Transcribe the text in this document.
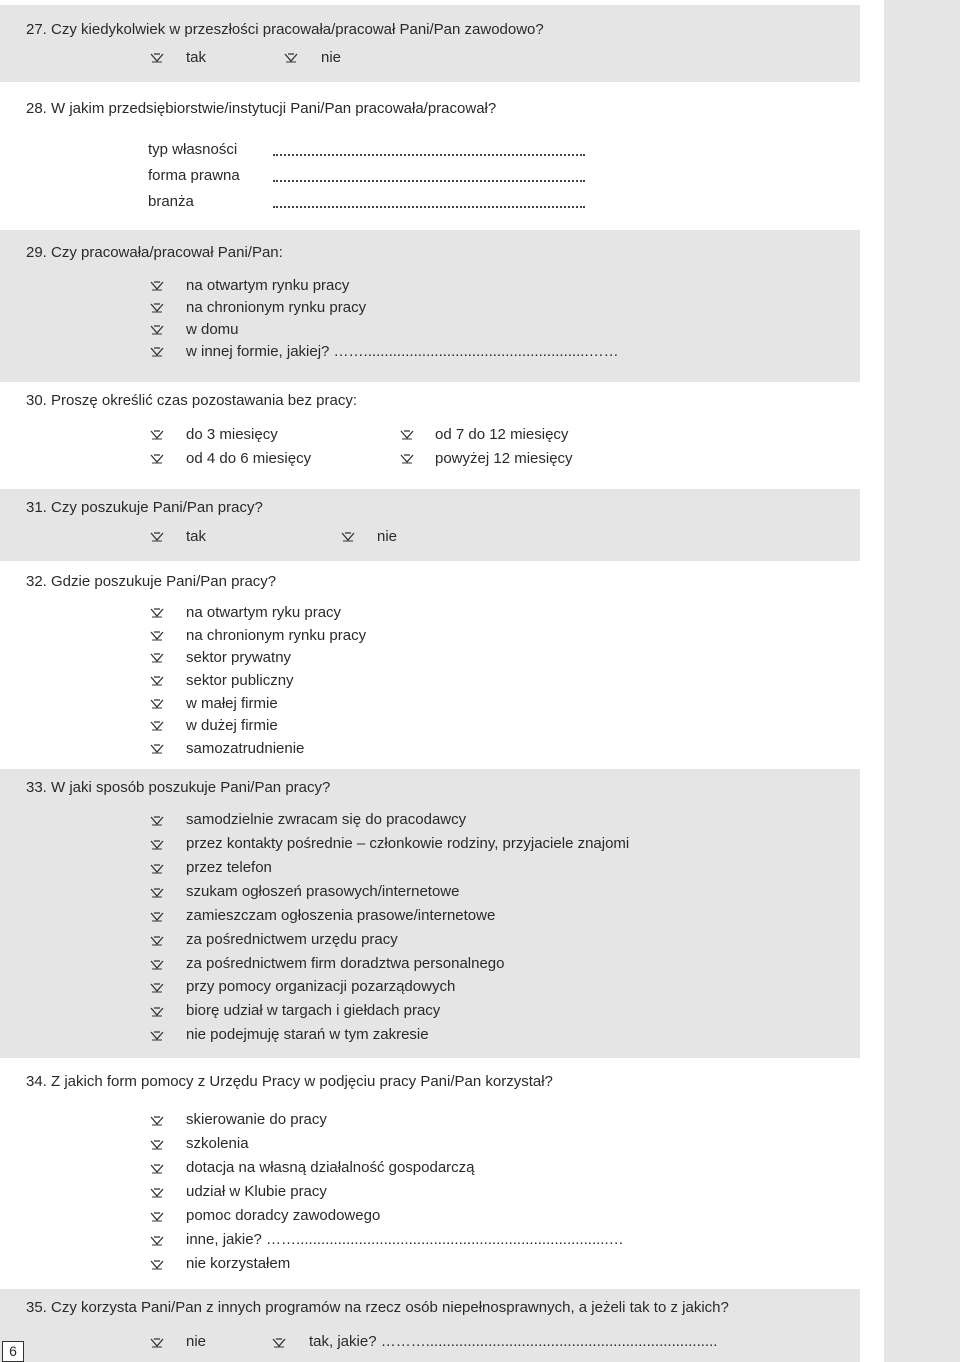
27. Czy kiedykolwiek w przeszłości pracowała/pracował Pani/Pan zawodowo?
tak	nie
28. W jakim przedsiębiorstwie/instytucji Pani/Pan pracowała/pracował?
typ własności
forma prawna
branża
29. Czy pracowała/pracował Pani/Pan:
na otwartym rynku pracy
na chronionym rynku pracy
w domu
w innej formie, jakiej? ……......................................................……
30. Proszę określić czas pozostawania bez pracy:
do 3 miesięcy	od 7 do 12 miesięcy
od 4 do 6 miesięcy	powyżej 12 miesięcy
31. Czy poszukuje Pani/Pan pracy?
tak	nie
32. Gdzie poszukuje Pani/Pan pracy?
na otwartym ryku pracy
na chronionym rynku pracy
sektor prywatny
sektor publiczny
w małej firmie
w dużej firmie
samozatrudnienie
33. W jaki sposób poszukuje Pani/Pan pracy?
samodzielnie zwracam się do pracodawcy
przez kontakty pośrednie – członkowie rodziny, przyjaciele znajomi
przez telefon
szukam ogłoszeń prasowych/internetowe
zamieszczam ogłoszenia prasowe/internetowe
za pośrednictwem urzędu pracy
za pośrednictwem firm doradztwa personalnego
przy pomocy organizacji pozarządowych
biorę udział w targach i giełdach pracy
nie podejmuję starań w tym zakresie
34. Z jakich form pomocy z Urzędu Pracy w podjęciu pracy Pani/Pan korzystał?
skierowanie do pracy
szkolenia
dotacja na własną działalność gospodarczą
udział w Klubie pracy
pomoc doradcy zawodowego
inne, jakie? ……...........................................................................…
nie korzystałem
35. Czy korzysta Pani/Pan z innych programów na rzecz osób niepełnosprawnych, a jeżeli tak to z jakich?
nie	tak, jakie? ………......................................................................
6
